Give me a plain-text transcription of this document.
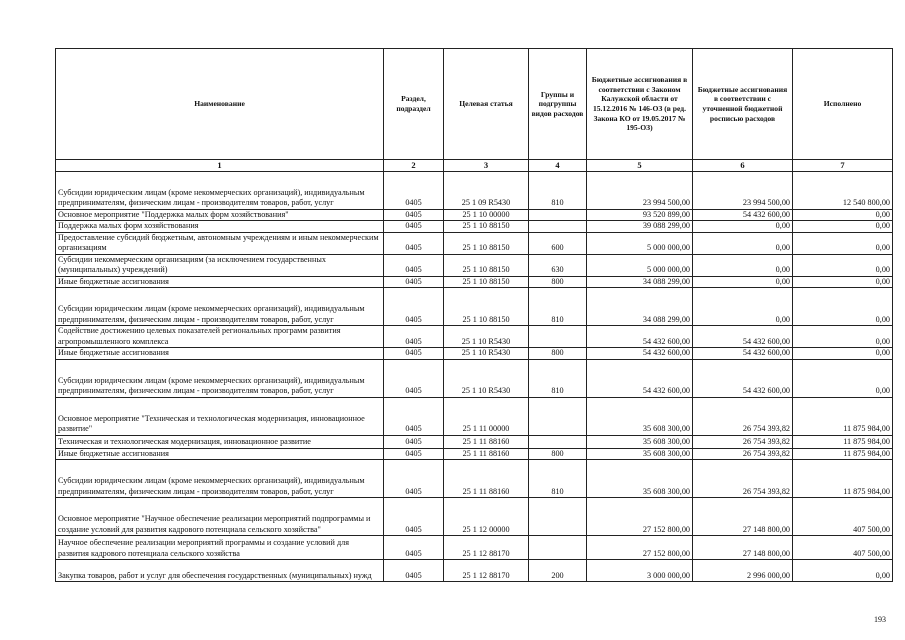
Наименование	Раздел, подраздел	Целевая статья	Группы и подгруппы видов расходов	Бюджетные ассигнования в соответствии с Законом Калужской области от 15.12.2016 № 146-ОЗ (в ред. Закона КО от 19.05.2017 № 195-ОЗ)	Бюджетные ассигнования в соответствии с уточненной бюджетной росписью расходов	Исполнено
1	2	3	4	5	6	7
Субсидии юридическим лицам (кроме некоммерческих организаций), индивидуальным предпринимателям, физическим лицам - производителям товаров, работ, услуг	0405	25 1 09 R5430	810	23 994 500,00	23 994 500,00	12 540 800,00
Основное мероприятие "Поддержка малых форм хозяйствования"	0405	25 1 10 00000		93 520 899,00	54 432 600,00	0,00
Поддержка малых форм хозяйствования	0405	25 1 10 88150		39 088 299,00	0,00	0,00
Предоставление субсидий бюджетным, автономным учреждениям и иным некоммерческим организациям	0405	25 1 10 88150	600	5 000 000,00	0,00	0,00
Субсидии некоммерческим организациям (за исключением государственных (муниципальных) учреждений)	0405	25 1 10 88150	630	5 000 000,00	0,00	0,00
Иные бюджетные ассигнования	0405	25 1 10 88150	800	34 088 299,00	0,00	0,00
Субсидии юридическим лицам (кроме некоммерческих организаций), индивидуальным предпринимателям, физическим лицам - производителям товаров, работ, услуг	0405	25 1 10 88150	810	34 088 299,00	0,00	0,00
Содействие достижению целевых показателей региональных программ развития агропромышленного комплекса	0405	25 1 10 R5430		54 432 600,00	54 432 600,00	0,00
Иные бюджетные ассигнования	0405	25 1 10 R5430	800	54 432 600,00	54 432 600,00	0,00
Субсидии юридическим лицам (кроме некоммерческих организаций), индивидуальным предпринимателям, физическим лицам - производителям товаров, работ, услуг	0405	25 1 10 R5430	810	54 432 600,00	54 432 600,00	0,00
Основное мероприятие "Техническая и технологическая модернизация, инновационное развитие"	0405	25 1 11 00000		35 608 300,00	26 754 393,82	11 875 984,00
Техническая и технологическая модернизация, инновационное развитие	0405	25 1 11 88160		35 608 300,00	26 754 393,82	11 875 984,00
Иные бюджетные ассигнования	0405	25 1 11 88160	800	35 608 300,00	26 754 393,82	11 875 984,00
Субсидии юридическим лицам (кроме некоммерческих организаций), индивидуальным предпринимателям, физическим лицам - производителям товаров, работ, услуг	0405	25 1 11 88160	810	35 608 300,00	26 754 393,82	11 875 984,00
Основное мероприятие "Научное обеспечение реализации мероприятий подпрограммы и создание условий для развития кадрового потенциала сельского хозяйства"	0405	25 1 12 00000		27 152 800,00	27 148 800,00	407 500,00
Научное обеспечение реализации мероприятий программы и создание условий для развития кадрового потенциала сельского хозяйства	0405	25 1 12 88170		27 152 800,00	27 148 800,00	407 500,00
Закупка товаров, работ и услуг для обеспечения государственных (муниципальных) нужд	0405	25 1 12 88170	200	3 000 000,00	2 996 000,00	0,00
193
